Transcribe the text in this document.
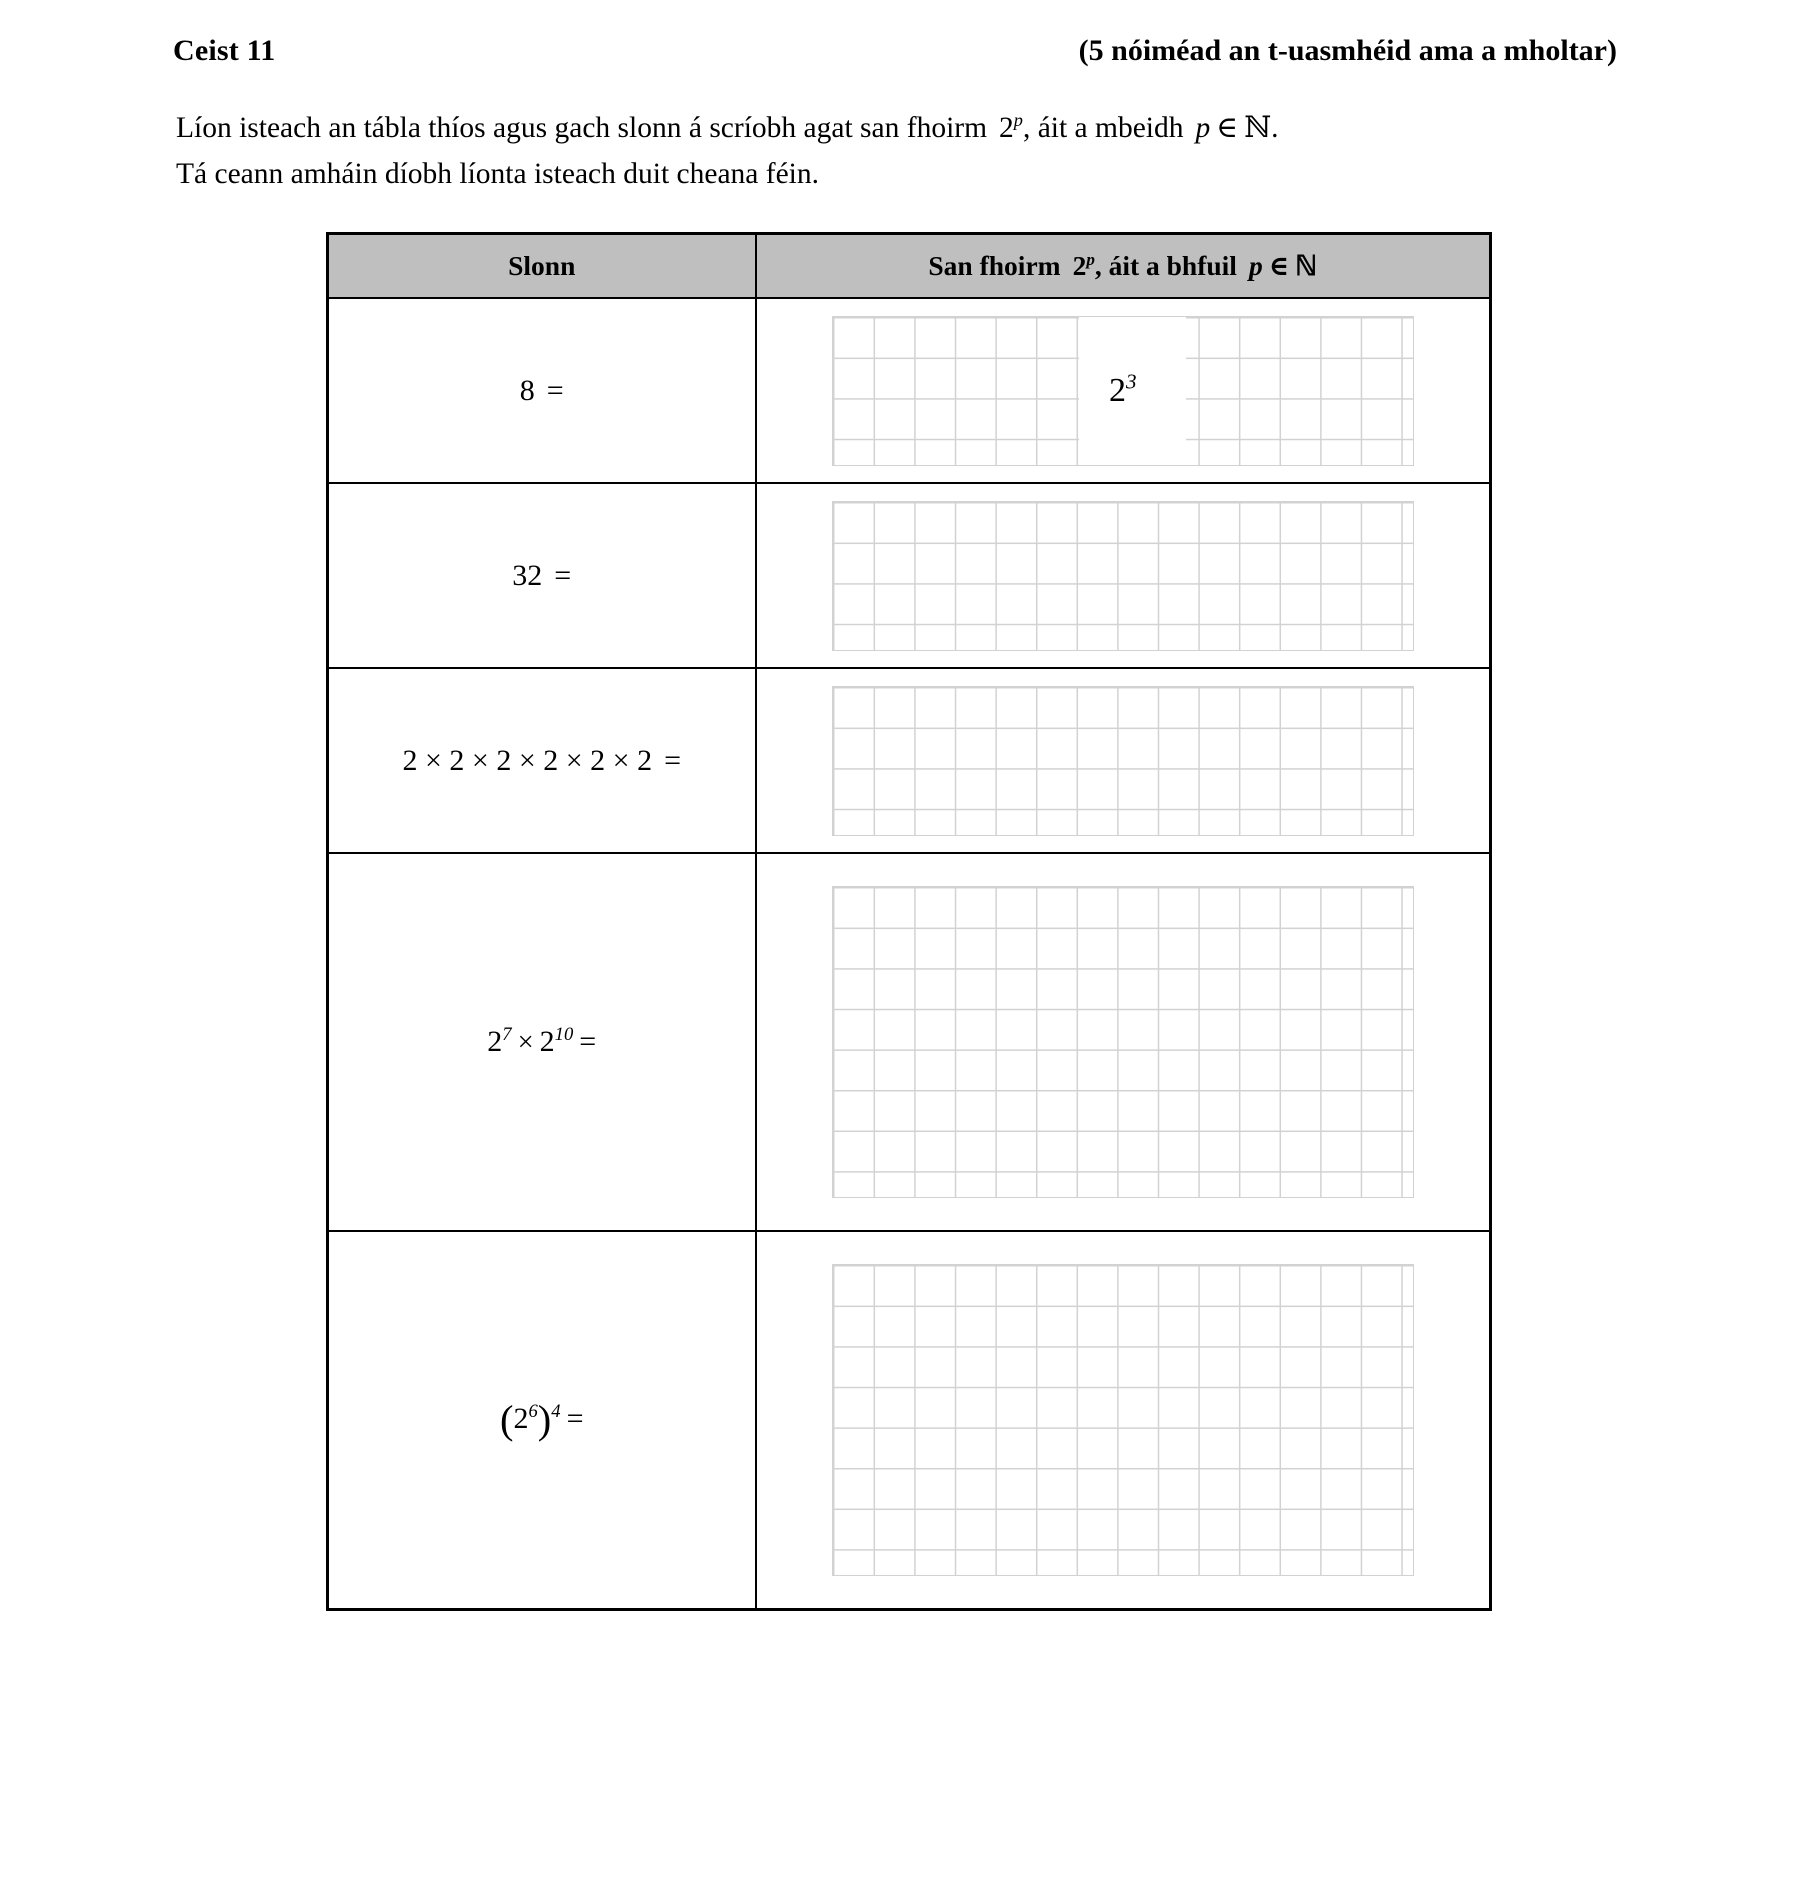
Ceist 11	(5 nóiméad an t-uasmhéid ama a mholtar)
Líon isteach an tábla thíos agus gach slonn á scríobh agat san fhoirm 2$^p$, áit a mbeidh p ∈ ℕ.
Tá ceann amháin díobh líonta isteach duit cheana féin.
Slonn	San fhoirm 2$^p$, áit a bhfuil p ∈ ℕ
8 =	$2^3$

32 =	

2 × 2 × 2 × 2 × 2 × 2 =	

$2^7 \times 2^{10}$ =	

$(2^6)^4$ =	
